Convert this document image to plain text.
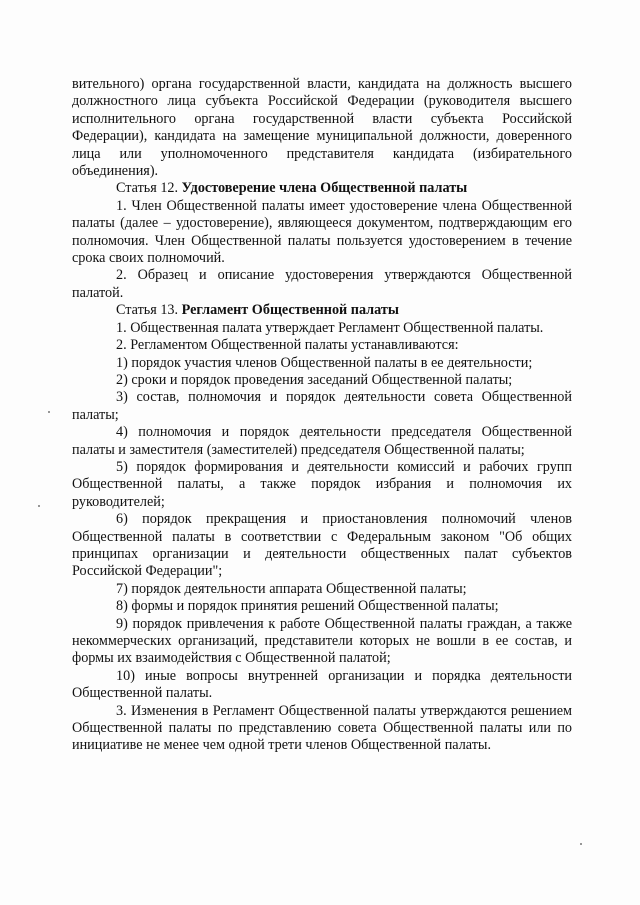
вительного) органа государственной власти, кандидата на должность высшего должностного лица субъекта Российской Федерации (руководителя высшего исполнительного органа государственной власти субъекта Российской Федерации), кандидата на замещение муниципальной должности, доверенного лица или уполномоченного представителя кандидата (избирательного объединения).

Статья 12. Удостоверение члена Общественной палаты

1. Член Общественной палаты имеет удостоверение члена Общественной палаты (далее – удостоверение), являющееся документом, подтверждающим его полномочия. Член Общественной палаты пользуется удостоверением в течение срока своих полномочий.

2. Образец и описание удостоверения утверждаются Общественной палатой.

Статья 13. Регламент Общественной палаты

1. Общественная палата утверждает Регламент Общественной палаты.

2. Регламентом Общественной палаты устанавливаются:

1) порядок участия членов Общественной палаты в ее деятельности;

2) сроки и порядок проведения заседаний Общественной палаты;

3) состав, полномочия и порядок деятельности совета Общественной палаты;

4) полномочия и порядок деятельности председателя Общественной палаты и заместителя (заместителей) председателя Общественной палаты;

5) порядок формирования и деятельности комиссий и рабочих групп Общественной палаты, а также порядок избрания и полномочия их руководителей;

6) порядок прекращения и приостановления полномочий членов Общественной палаты в соответствии с Федеральным законом "Об общих принципах организации и деятельности общественных палат субъектов Российской Федерации";

7) порядок деятельности аппарата Общественной палаты;

8) формы и порядок принятия решений Общественной палаты;

9) порядок привлечения к работе Общественной палаты граждан, а также некоммерческих организаций, представители которых не вошли в ее состав, и формы их взаимодействия с Общественной палатой;

10) иные вопросы внутренней организации и порядка деятельности Общественной палаты.

3. Изменения в Регламент Общественной палаты утверждаются решением Общественной палаты по представлению совета Общественной палаты или по инициативе не менее чем одной трети членов Общественной палаты.
